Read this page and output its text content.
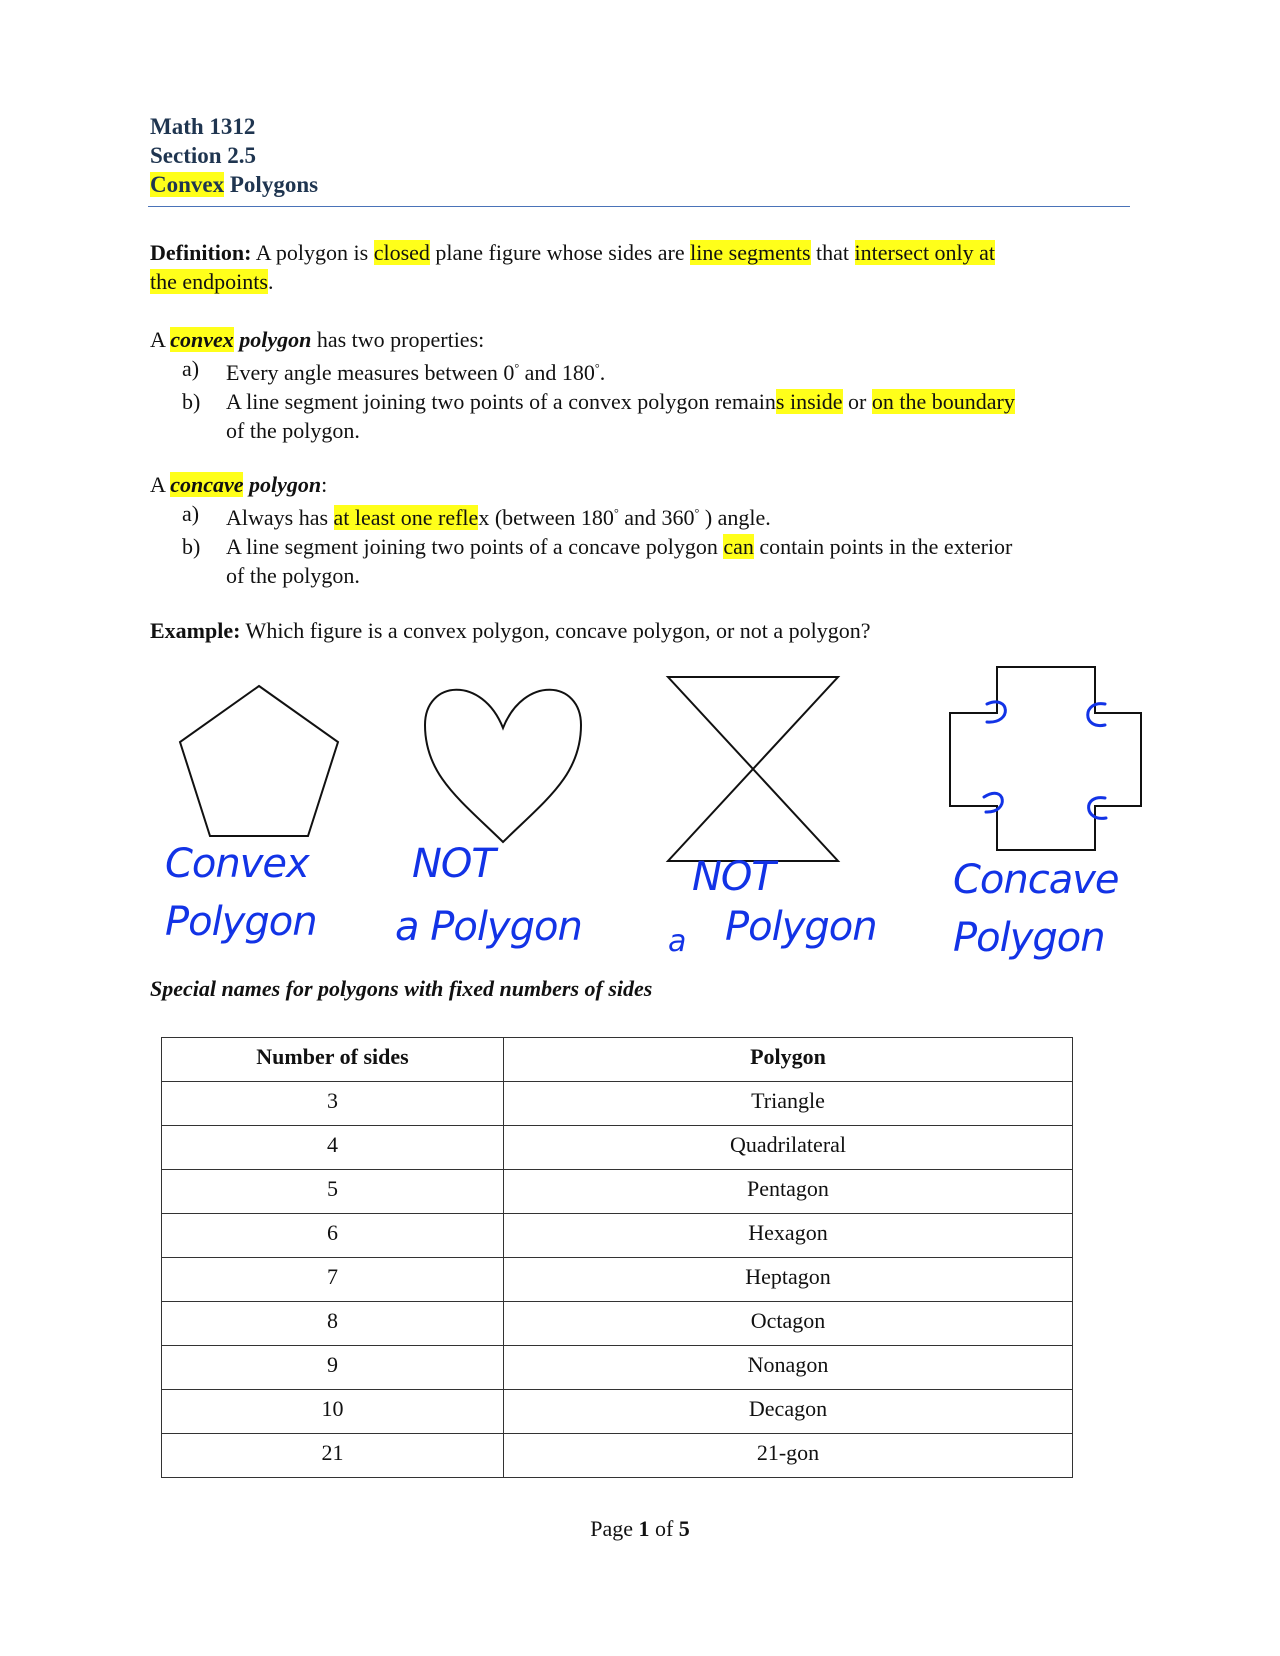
Math 1312
Section 2.5
Convex Polygons
Definition: A polygon is closed plane figure whose sides are line segments that intersect only at
the endpoints.
A convex polygon has two properties:
a)	Every angle measures between 0° and 180°.
b)	A line segment joining two points of a convex polygon remains inside or on the boundary
of the polygon.
A concave polygon:
a)	Always has at least one reflex (between 180° and 360° ) angle.
b)	A line segment joining two points of a concave polygon can contain points in the exterior
of the polygon.
Example: Which figure is a convex polygon, concave polygon, or not a polygon?
Convex
Polygon
NOT
a Polygon
NOT
a Polygon
Concave
Polygon
Special names for polygons with fixed numbers of sides
Number of sides	Polygon
3	Triangle
4	Quadrilateral
5	Pentagon
6	Hexagon
7	Heptagon
8	Octagon
9	Nonagon
10	Decagon
21	21-gon
Page 1 of 5
